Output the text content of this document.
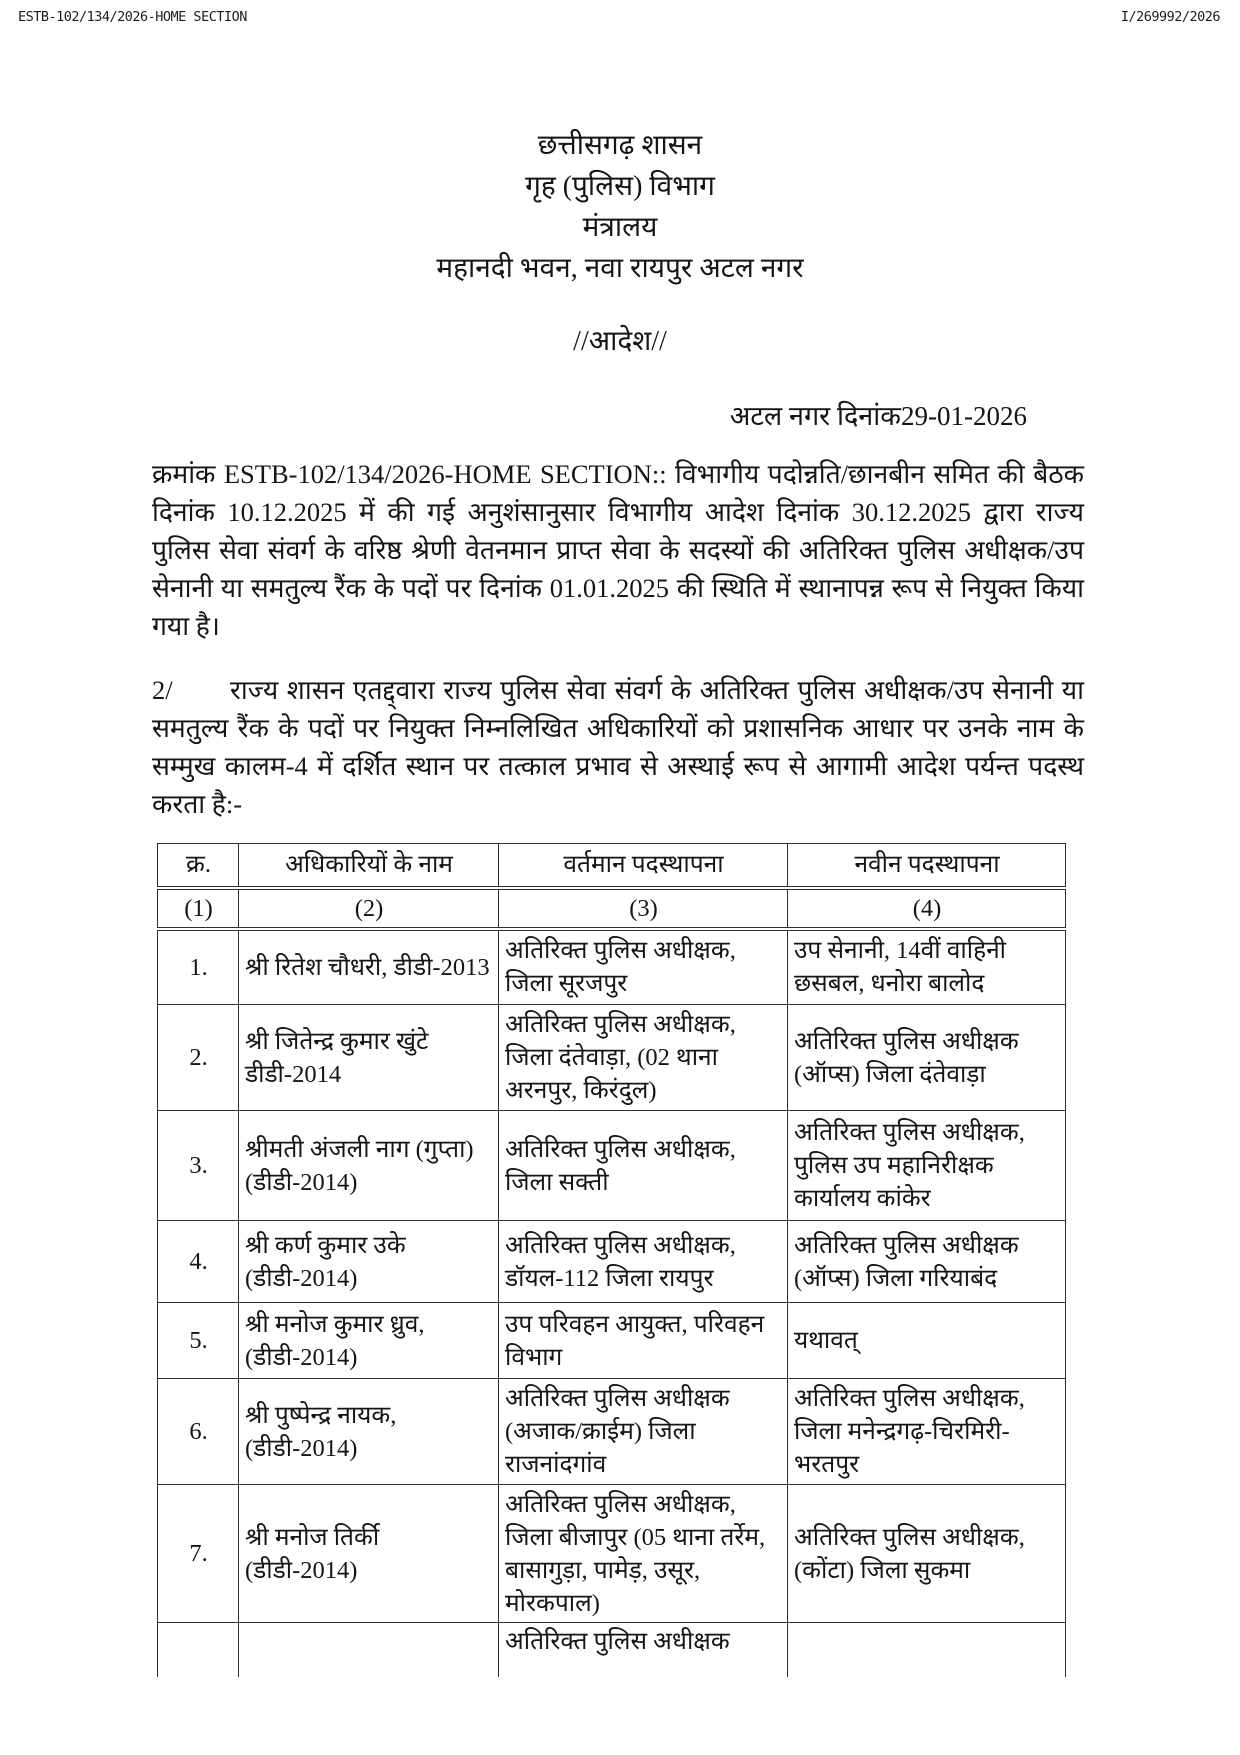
ESTB-102/134/2026-HOME SECTION	I/269992/2026
छत्तीसगढ़ शासन
गृह (पुलिस) विभाग
मंत्रालय
महानदी भवन, नवा रायपुर अटल नगर
//आदेश//
अटल नगर दिनांक29-01-2026
क्रमांक ESTB-102/134/2026-HOME SECTION:: विभागीय पदोन्नति/छानबीन समित की बैठक दिनांक 10.12.2025 में की गई अनुशंसानुसार विभागीय आदेश दिनांक 30.12.2025 द्वारा राज्य पुलिस सेवा संवर्ग के वरिष्ठ श्रेणी वेतनमान प्राप्त सेवा के सदस्यों की अतिरिक्त पुलिस अधीक्षक/उप सेनानी या समतुल्य रैंक के पदों पर दिनांक 01.01.2025 की स्थिति में स्थानापन्न रूप से नियुक्त किया गया है।
2/	राज्य शासन एतद्द्वारा राज्य पुलिस सेवा संवर्ग के अतिरिक्त पुलिस अधीक्षक/उप सेनानी या समतुल्य रैंक के पदों पर नियुक्त निम्नलिखित अधिकारियों को प्रशासनिक आधार पर उनके नाम के सम्मुख कालम-4 में दर्शित स्थान पर तत्काल प्रभाव से अस्थाई रूप से आगामी आदेश पर्यन्त पदस्थ करता है:-
क्र.	अधिकारियों के नाम	वर्तमान पदस्थापना	नवीन पदस्थापना
(1)	(2)	(3)	(4)
1.	श्री रितेश चौधरी, डीडी-2013	अतिरिक्त पुलिस अधीक्षक, जिला सूरजपुर	उप सेनानी, 14वीं वाहिनी छसबल, धनोरा बालोद
2.	श्री जितेन्द्र कुमार खुंटे डीडी-2014	अतिरिक्त पुलिस अधीक्षक, जिला दंतेवाड़ा, (02 थाना अरनपुर, किरंदुल)	अतिरिक्त पुलिस अधीक्षक (ऑप्स) जिला दंतेवाड़ा
3.	श्रीमती अंजली नाग (गुप्ता) (डीडी-2014)	अतिरिक्त पुलिस अधीक्षक, जिला सक्ती	अतिरिक्त पुलिस अधीक्षक, पुलिस उप महानिरीक्षक कार्यालय कांकेर
4.	श्री कर्ण कुमार उके (डीडी-2014)	अतिरिक्त पुलिस अधीक्षक, डॉयल-112 जिला रायपुर	अतिरिक्त पुलिस अधीक्षक (ऑप्स) जिला गरियाबंद
5.	श्री मनोज कुमार ध्रुव, (डीडी-2014)	उप परिवहन आयुक्त, परिवहन विभाग	यथावत्
6.	श्री पुष्पेन्द्र नायक, (डीडी-2014)	अतिरिक्त पुलिस अधीक्षक (अजाक/क्राईम) जिला राजनांदगांव	अतिरिक्त पुलिस अधीक्षक, जिला मनेन्द्रगढ़-चिरमिरी-भरतपुर
7.	श्री मनोज तिर्की (डीडी-2014)	अतिरिक्त पुलिस अधीक्षक, जिला बीजापुर (05 थाना तर्रेम, बासागुड़ा, पामेड़, उसूर, मोरकपाल)	अतिरिक्त पुलिस अधीक्षक, (कोंटा) जिला सुकमा
		अतिरिक्त पुलिस अधीक्षक	
